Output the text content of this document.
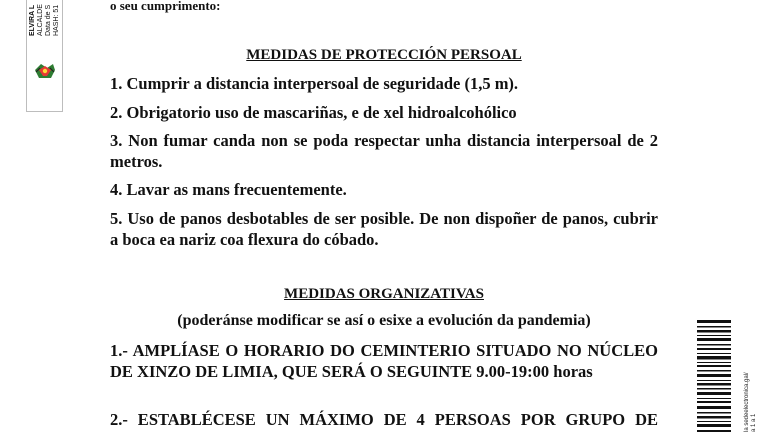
ELVIRA L ALCALDE Data de S HASH: 51	o seu cumprimento:
MEDIDAS DE PROTECCIÓN PERSOAL
1. Cumprir a distancia interpersoal de seguridade (1,5 m).
2. Obrigatorio uso de mascariñas, e de xel hidroalcohólico
3. Non fumar canda non se poda respectar unha distancia interpersoal de 2 metros.
4. Lavar as mans frecuentemente.
5. Uso de panos desbotables de ser posible. De non dispoñer de panos, cubrir a boca ea nariz coa flexura do cóbado.
MEDIDAS ORGANIZATIVAS
(poderánse modificar se así o esixe a evolución da pandemia)
1.- AMPLÍASE O HORARIO DO CEMINTERIO SITUADO NO NÚCLEO DE XINZO DE LIMIA, QUE SERÁ O SEGUINTE 9.00-19:00 horas
2.- ESTABLÉCESE UN MÁXIMO DE 4 PERSOAS POR GRUPO DE	la sedeelectronica.gal/ a 1 a 1
